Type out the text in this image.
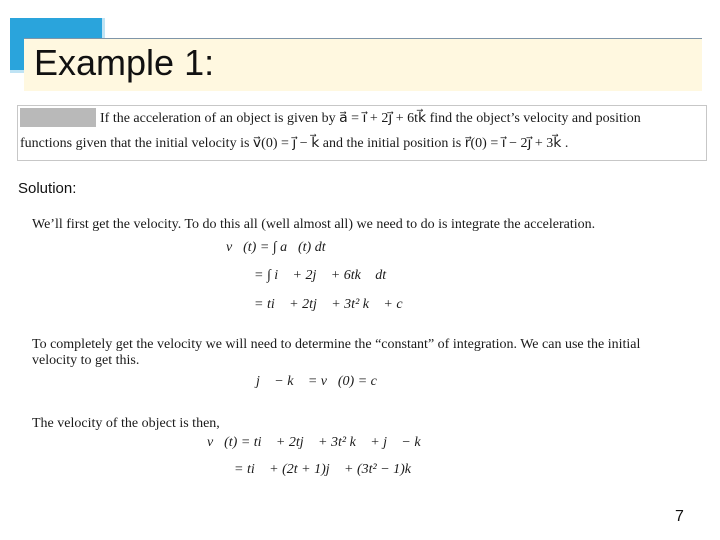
Example 1:
If the acceleration of an object is given by a⃗ = i⃗ + 2j⃗ + 6tk⃗ find the object’s velocity and position
functions given that the initial velocity is v⃗(0) = j⃗ − k⃗ and the initial position is r⃗(0) = i⃗ − 2j⃗ + 3k⃗ .
Solution:
We’ll first get the velocity. To do this all (well almost all) we need to do is integrate the acceleration.
v⃗(t) = ∫ a⃗(t) dt
= ∫ i⃗ + 2j⃗ + 6tk⃗ dt
= ti⃗ + 2tj⃗ + 3t² k⃗ + c⃗
To completely get the velocity we will need to determine the “constant” of integration. We can use the initial
velocity to get this.
j⃗ − k⃗ = v⃗(0) = c⃗
The velocity of the object is then,
v⃗(t) = ti⃗ + 2tj⃗ + 3t² k⃗ + j⃗ − k⃗
= ti⃗ + (2t + 1)j⃗ + (3t² − 1)k⃗
7
